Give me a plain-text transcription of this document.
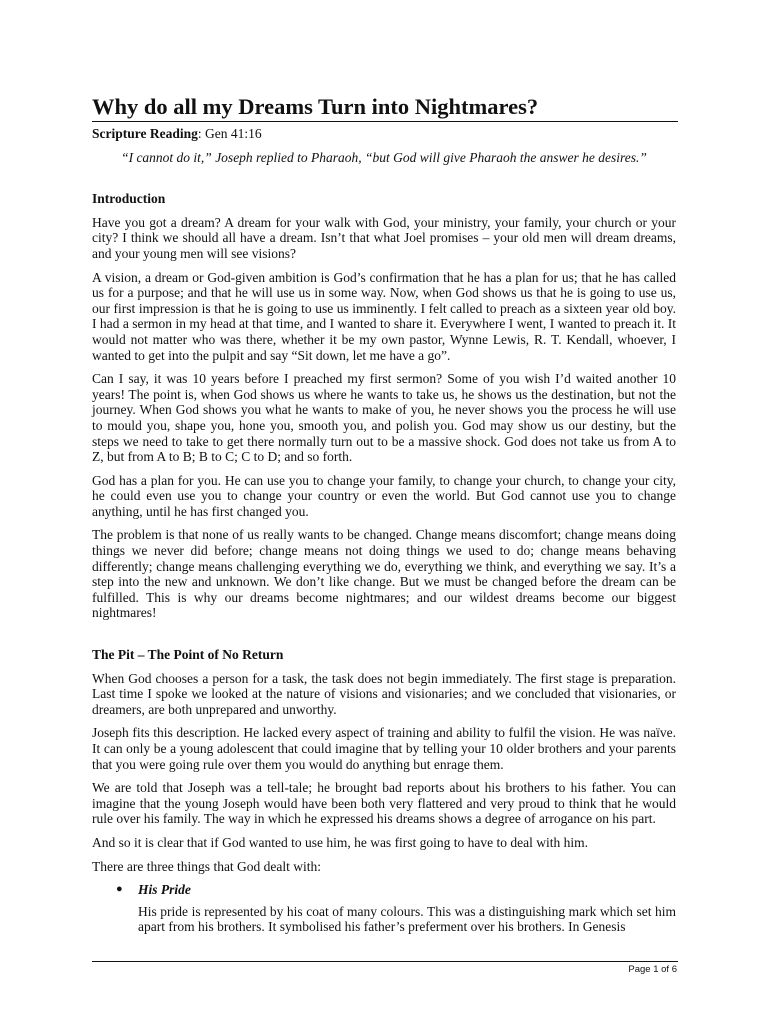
Why do all my Dreams Turn into Nightmares?

Scripture Reading: Gen 41:16

“I cannot do it,” Joseph replied to Pharaoh, “but God will give Pharaoh the answer he desires.”

Introduction

Have you got a dream? A dream for your walk with God, your ministry, your family, your church or your city? I think we should all have a dream. Isn’t that what Joel promises – your old men will dream dreams, and your young men will see visions?

A vision, a dream or God-given ambition is God’s confirmation that he has a plan for us; that he has called us for a purpose; and that he will use us in some way. Now, when God shows us that he is going to use us, our first impression is that he is going to use us imminently. I felt called to preach as a sixteen year old boy. I had a sermon in my head at that time, and I wanted to share it. Everywhere I went, I wanted to preach it. It would not matter who was there, whether it be my own pastor, Wynne Lewis, R. T. Kendall, whoever, I wanted to get into the pulpit and say “Sit down, let me have a go”.

Can I say, it was 10 years before I preached my first sermon? Some of you wish I’d waited another 10 years! The point is, when God shows us where he wants to take us, he shows us the destination, but not the journey. When God shows you what he wants to make of you, he never shows you the process he will use to mould you, shape you, hone you, smooth you, and polish you. God may show us our destiny, but the steps we need to take to get there normally turn out to be a massive shock. God does not take us from A to Z, but from A to B; B to C; C to D; and so forth.

God has a plan for you. He can use you to change your family, to change your church, to change your city, he could even use you to change your country or even the world. But God cannot use you to change anything, until he has first changed you.

The problem is that none of us really wants to be changed. Change means discomfort; change means doing things we never did before; change means not doing things we used to do; change means behaving differently; change means challenging everything we do, everything we think, and everything we say. It’s a step into the new and unknown. We don’t like change. But we must be changed before the dream can be fulfilled. This is why our dreams become nightmares; and our wildest dreams become our biggest nightmares!

The Pit – The Point of No Return

When God chooses a person for a task, the task does not begin immediately. The first stage is preparation. Last time I spoke we looked at the nature of visions and visionaries; and we concluded that visionaries, or dreamers, are both unprepared and unworthy.

Joseph fits this description. He lacked every aspect of training and ability to fulfil the vision. He was naïve. It can only be a young adolescent that could imagine that by telling your 10 older brothers and your parents that you were going rule over them you would do anything but enrage them.

We are told that Joseph was a tell-tale; he brought bad reports about his brothers to his father. You can imagine that the young Joseph would have been both very flattered and very proud to think that he would rule over his family. The way in which he expressed his dreams shows a degree of arrogance on his part.

And so it is clear that if God wanted to use him, he was first going to have to deal with him.

There are three things that God dealt with:

● His Pride

His pride is represented by his coat of many colours. This was a distinguishing mark which set him apart from his brothers. It symbolised his father’s preferment over his brothers. In Genesis

Page 1 of 6
